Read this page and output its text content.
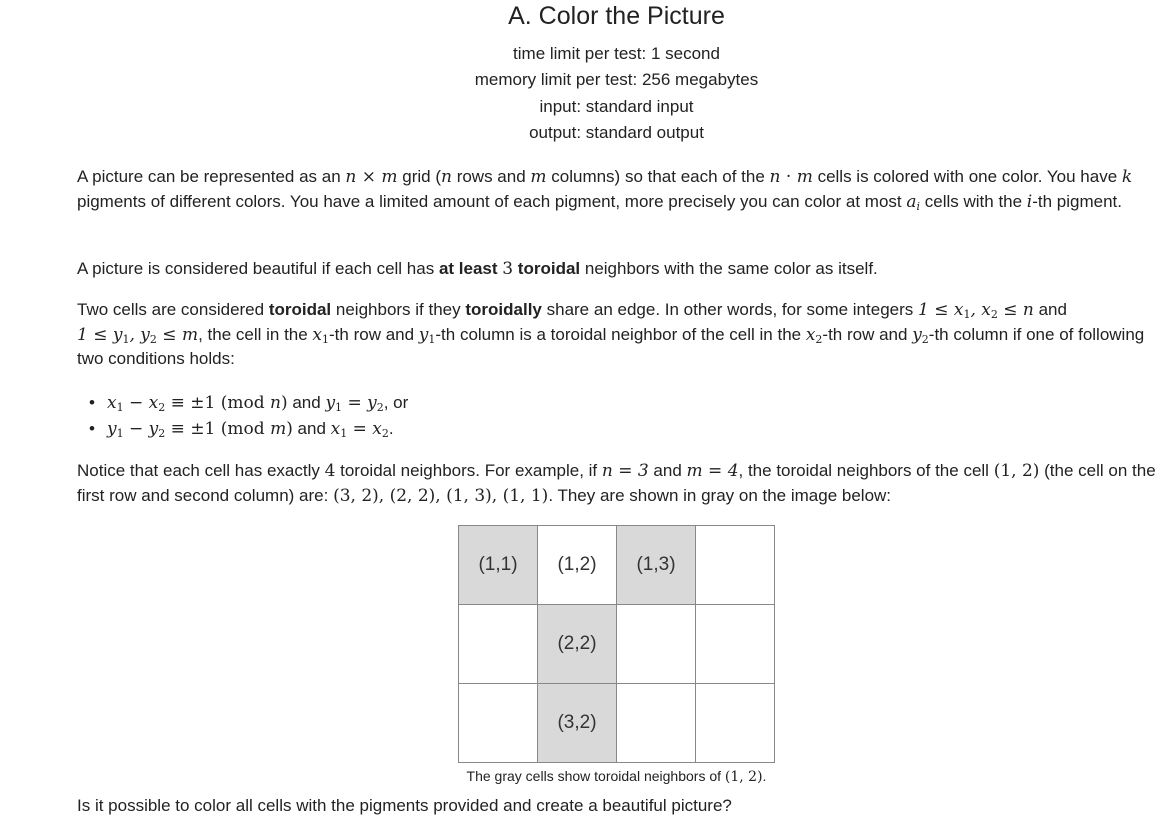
A. Color the Picture
time limit per test: 1 second
memory limit per test: 256 megabytes
input: standard input
output: standard output
A picture can be represented as an n × m grid (n rows and m columns) so that each of the n · m cells is colored with one color. You have k pigments of different colors. You have a limited amount of each pigment, more precisely you can color at most $a_i$ cells with the i-th pigment.
A picture is considered beautiful if each cell has at least 3 toroidal neighbors with the same color as itself.
Two cells are considered toroidal neighbors if they toroidally share an edge. In other words, for some integers $1 \le x_1$, $x_2 \le n$ and
$1 \le y_1$, $y_2 \le m$, the cell in the $x_1-th$ row and $y_1-th$ column is a toroidal neighbor of the cell in the $x_2-th$ row and $y_2-th$ column if one of following two conditions holds:
• $x_1 - x_2 \equiv \pm 1$ (mod n) and $y_1 = y_2$, or
• $y_1 - y_2 \equiv \pm 1$ (mod m) and $x_1 = x_2$.
Notice that each cell has exactly 4 toroidal neighbors. For example, if n = 3 and m = 4, the toroidal neighbors of the cell (1, 2) (the cell on the first row and second column) are: (3, 2), (2, 2), (1, 3), (1, 1). They are shown in gray on the image below:
(1,1)	(1,2)	(1,3)	
	(2,2)		
	(3,2)		
The gray cells show toroidal neighbors of (1, 2).
Is it possible to color all cells with the pigments provided and create a beautiful picture?
